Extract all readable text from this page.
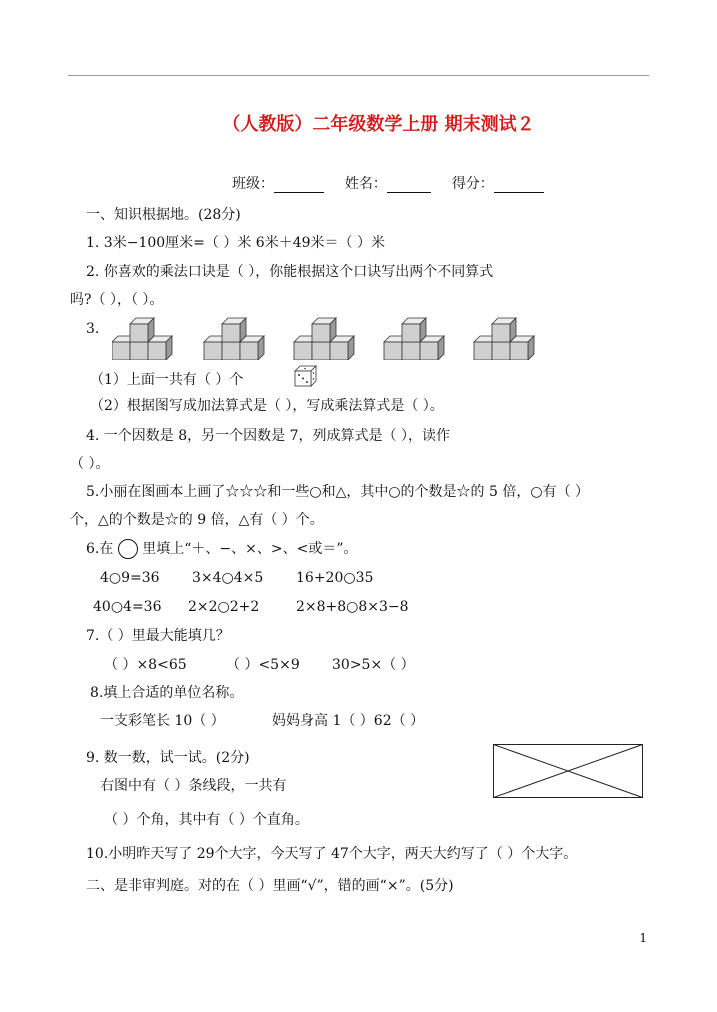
（人教版）二年级数学上册 期末测试２
班级：	姓名：	得分：
一、知识根据地。(28分)
1. 3米−100厘米=（ ）米 6米＋49米＝（ ）米
2. 你喜欢的乘法口诀是（ ），你能根据这个口诀写出两个不同算式
吗?（ ），（ ）。
3.
（1）上面一共有（ ）个
（2）根据图写成加法算式是（ ），写成乘法算式是（ ）。
4. 一个因数是 8，另一个因数是 7，列成算式是（ ），读作
（ ）。
5.小丽在图画本上画了☆☆☆和一些○和△，其中○的个数是☆的 5 倍，○有（ ）
个，△的个数是☆的 9 倍，△有（ ）个。
6.在 里填上“＋、−、×、>、<或＝”。
4○9=36 3×4○4×5 16+20○35
40○4=36 2×2○2+2	2×8+8○8×3−8
7.（ ）里最大能填几？
（ ）×8<65	（ ）<5×9 30>5×（ ）
8.填上合适的单位名称。
一支彩笔长 10（ ）	妈妈身高 1（ ）62（ ）
9. 数一数，试一试。(2分)
右图中有（ ）条线段，一共有
（ ）个角，其中有（ ）个直角。
10.小明昨天写了 29个大字，今天写了 47个大字，两天大约写了（ ）个大字。
二、是非审判庭。对的在（ ）里画“√”，错的画“×”。(5分)
1
